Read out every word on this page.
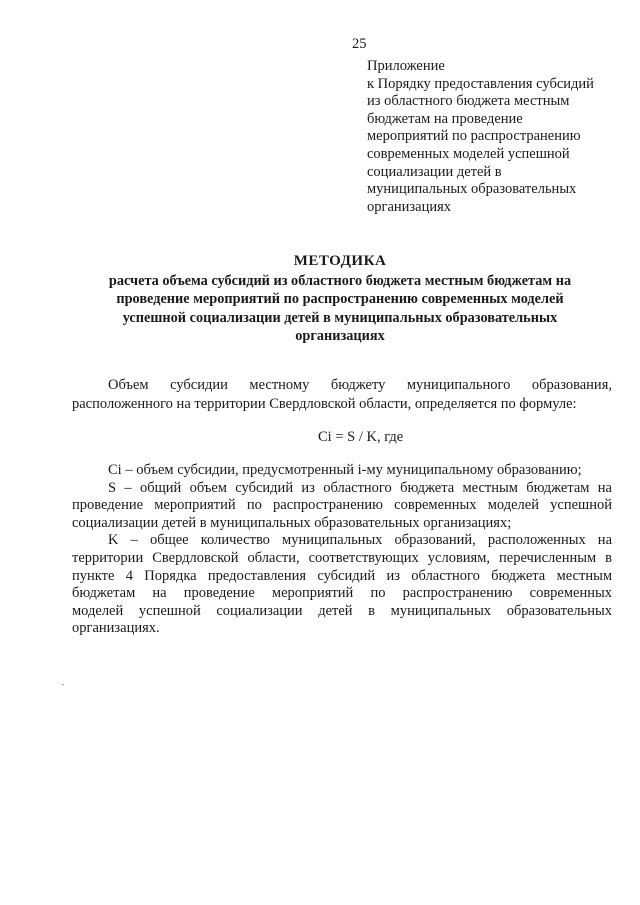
25
Приложение
к Порядку предоставления субсидий
из областного бюджета местным
бюджетам на проведение
мероприятий по распространению
современных моделей успешной
социализации детей в
муниципальных образовательных
организациях
МЕТОДИКА
расчета объема субсидий из областного бюджета местным бюджетам на
проведение мероприятий по распространению современных моделей
успешной социализации детей в муниципальных образовательных
организациях
Объем субсидии местному бюджету муниципального образования,
расположенного на территории Свердловской области, определяется по формуле:
Ci = S / K, где
Ci – объем субсидии, предусмотренный i-му муниципальному образованию;
S – общий объем субсидий из областного бюджета местным бюджетам на
проведение мероприятий по распространению современных моделей успешной
социализации детей в муниципальных образовательных организациях;
K – общее количество муниципальных образований, расположенных на
территории Свердловской области, соответствующих условиям, перечисленным в
пункте 4 Порядка предоставления субсидий из областного бюджета местным
бюджетам на проведение мероприятий по распространению современных
моделей успешной социализации детей в муниципальных образовательных
организациях.
